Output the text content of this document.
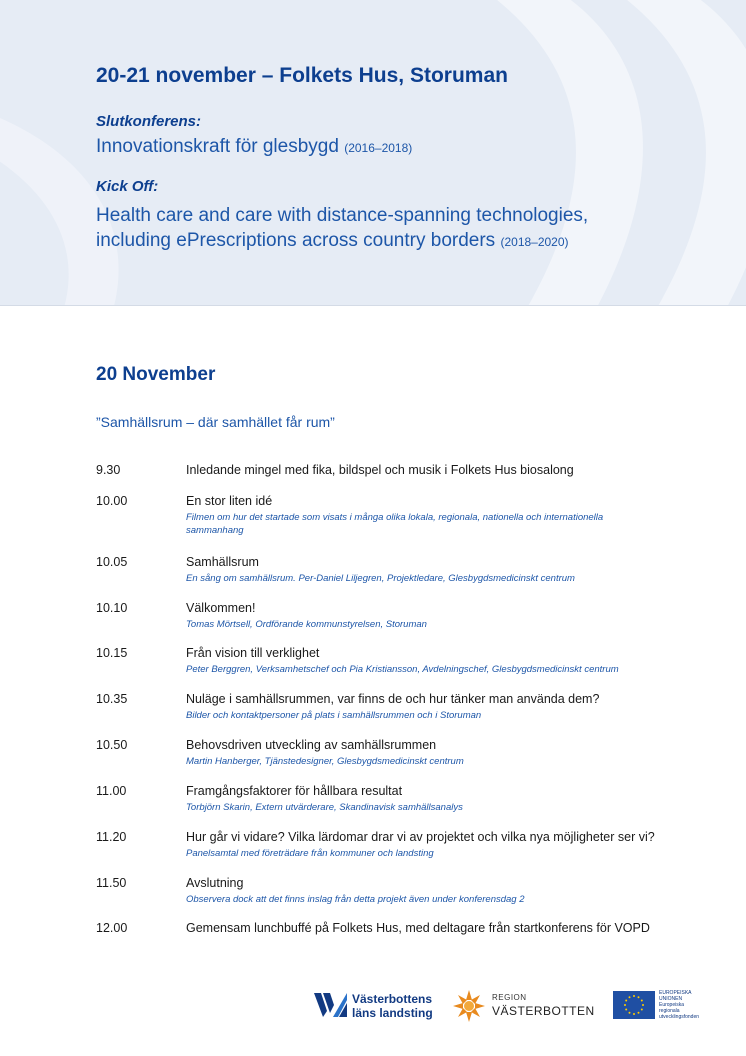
20-21 november – Folkets Hus, Storuman
Slutkonferens:
Innovationskraft för glesbygd (2016–2018)
Kick Off:
Health care and care with distance-spanning technologies,
including ePrescriptions across country borders (2018–2020)
20 November
”Samhällsrum – där samhället får rum”
9.30	Inledande mingel med fika, bildspel och musik i Folkets Hus biosalong
10.00	En stor liten idé
Filmen om hur det startade som visats i många olika lokala, regionala, nationella och internationella sammanhang
10.05	Samhällsrum
En sång om samhällsrum. Per-Daniel Liljegren, Projektledare, Glesbygdsmedicinskt centrum
10.10	Välkommen!
Tomas Mörtsell, Ordförande kommunstyrelsen, Storuman
10.15	Från vision till verklighet
Peter Berggren, Verksamhetschef och Pia Kristiansson, Avdelningschef, Glesbygdsmedicinskt centrum
10.35	Nuläge i samhällsrummen, var finns de och hur tänker man använda dem?
Bilder och kontaktpersoner på plats i samhällsrummen och i Storuman
10.50	Behovsdriven utveckling av samhällsrummen
Martin Hanberger, Tjänstedesigner, Glesbygdsmedicinskt centrum
11.00	Framgångsfaktorer för hållbara resultat
Torbjörn Skarin, Extern utvärderare, Skandinavisk samhällsanalys
11.20	Hur går vi vidare? Vilka lärdomar drar vi av projektet och vilka nya möjligheter ser vi?
Panelsamtal med företrädare från kommuner och landsting
11.50	Avslutning
Observera dock att det finns inslag från detta projekt även under konferensdag 2
12.00	Gemensam lunchbuffé på Folkets Hus, med deltagare från startkonferens för VOPD
Västerbottens
läns landsting
REGION
VÄSTERBOTTEN
EUROPEISKA
UNIONEN
Europeiska
regionala
utvecklingsfonden
